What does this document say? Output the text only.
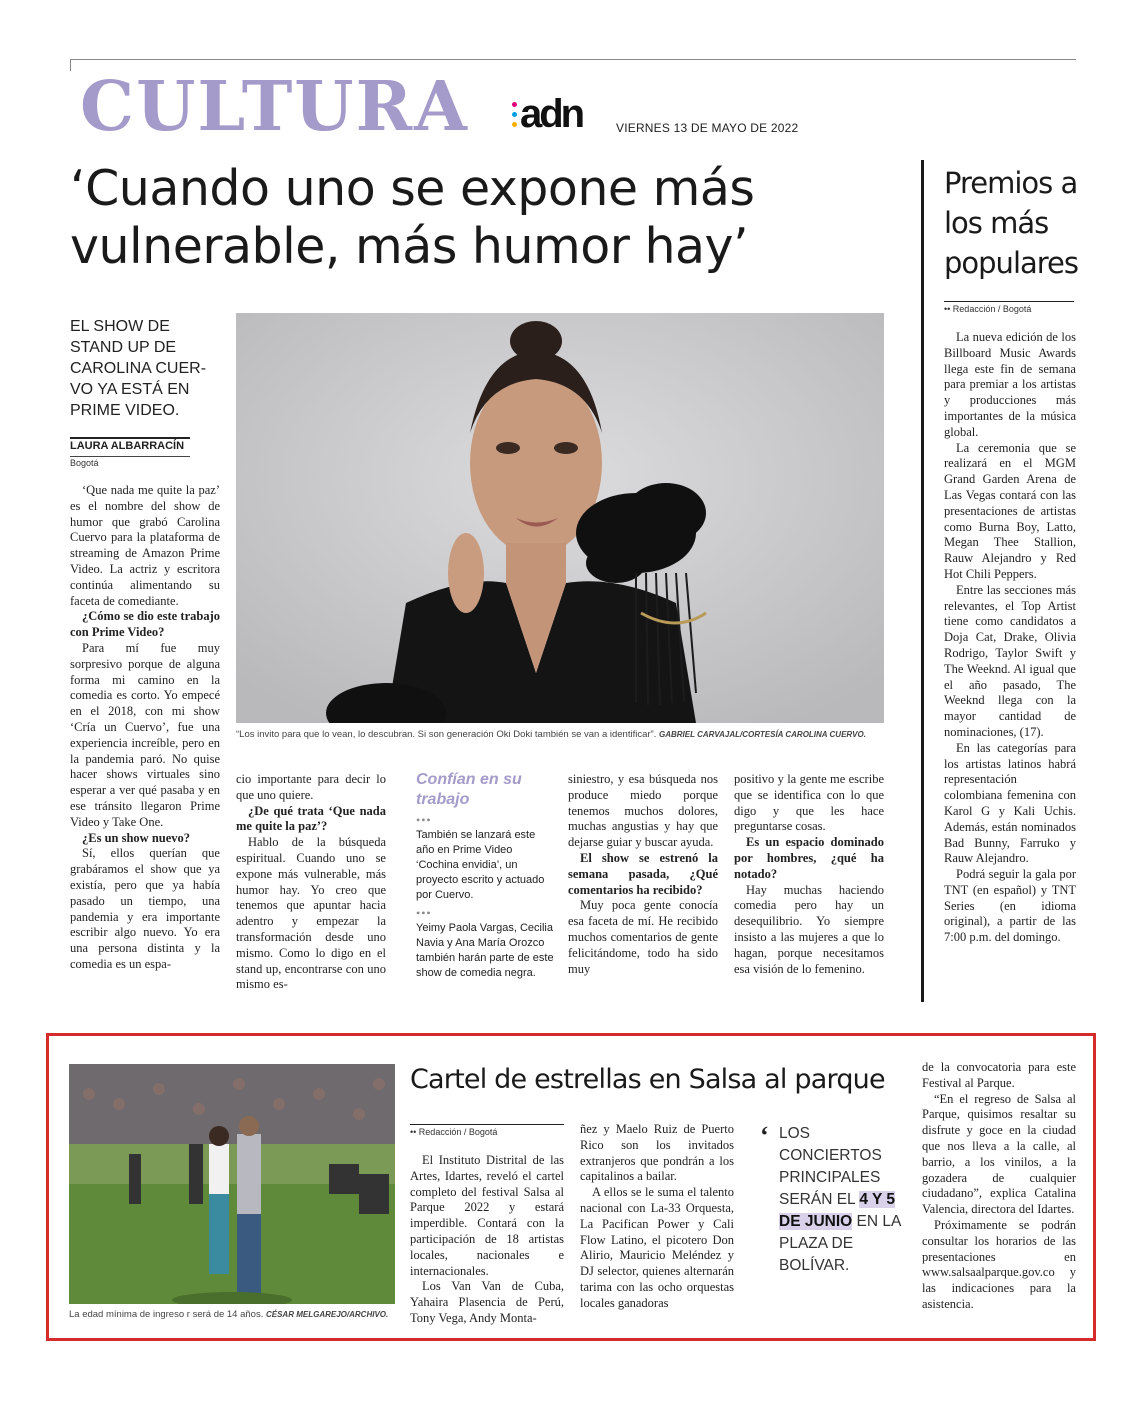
CULTURA adn	VIERNES 13 DE MAYO DE 2022
‘Cuando uno se expone más vulnerable, más humor hay’
EL SHOW DE STAND UP DE CAROLINA CUER- VO YA ESTÁ EN PRIME VIDEO.
LAURA ALBARRACÍN
Bogotá

‘Que nada me quite la paz’ es el nombre del show de humor que grabó Carolina Cuervo para la plataforma de streaming de Amazon Prime Video. La actriz y escritora continúa alimentando su faceta de comediante.

¿Cómo se dio este trabajo con Prime Video?

Para mí fue muy sorpresivo porque de alguna forma mi camino en la comedia es corto. Yo empecé en el 2018, con mi show ‘Cría un Cuervo’, fue una experiencia increíble, pero en la pandemia paró. No quise hacer shows virtuales sino esperar a ver qué pasaba y en ese tránsito llegaron Prime Video y Take One.

¿Es un show nuevo?

Sí, ellos querían que grabáramos el show que ya existía, pero que ya había pasado un tiempo, una pandemia y era importante escribir algo nuevo. Yo era una persona distinta y la comedia es un espa-

“Los invito para que lo vean, lo descubran. Si son generación Oki Doki también se van a identificar”. GABRIEL CARVAJAL/CORTESÍA CAROLINA CUERVO.

cio importante para decir lo que uno quiere.

¿De qué trata ‘Que nada me quite la paz’?

Hablo de la búsqueda espiritual. Cuando uno se expone más vulnerable, más humor hay. Yo creo que tenemos que apuntar hacia adentro y empezar la transformación desde uno mismo. Como lo digo en el stand up, encontrarse con uno mismo es-

Confían en su trabajo
•••
También se lanzará este año en Prime Video ‘Cochina envidia’, un proyecto escrito y actuado por Cuervo.
•••
Yeimy Paola Vargas, Cecilia Navia y Ana María Orozco también harán parte de este show de comedia negra.

siniestro, y esa búsqueda nos produce miedo porque tenemos muchos dolores, muchas angustias y hay que dejarse guiar y buscar ayuda.

El show se estrenó la semana pasada, ¿Qué comentarios ha recibido?

Muy poca gente conocía esa faceta de mí. He recibido muchos comentarios de gente felicitándome, todo ha sido muy

positivo y la gente me escribe que se identifica con lo que digo y que les hace preguntarse cosas.

Es un espacio dominado por hombres, ¿qué ha notado?

Hay muchas haciendo comedia pero hay un desequilibrio. Yo siempre insisto a las mujeres a que lo hagan, porque necesitamos esa visión de lo femenino.

Premios a los más populares
•• Redacción / Bogotá

La nueva edición de los Billboard Music Awards llega este fin de semana para premiar a los artistas y producciones más importantes de la música global.

La ceremonia que se realizará en el MGM Grand Garden Arena de Las Vegas contará con las presentaciones de artistas como Burna Boy, Latto, Megan Thee Stallion, Rauw Alejandro y Red Hot Chili Peppers.

Entre las secciones más relevantes, el Top Artist tiene como candidatos a Doja Cat, Drake, Olivia Rodrigo, Taylor Swift y The Weeknd. Al igual que el año pasado, The Weeknd llega con la mayor cantidad de nominaciones, (17).

En las categorías para los artistas latinos habrá representación colombiana femenina con Karol G y Kali Uchis. Además, están nominados Bad Bunny, Farruko y Rauw Alejandro.

Podrá seguir la gala por TNT (en español) y TNT Series (en idioma original), a partir de las 7:00 p.m. del domingo.

La edad mínima de ingreso r será de 14 años. CÉSAR MELGAREJO/ARCHIVO.
Cartel de estrellas en Salsa al parque
•• Redacción / Bogotá

El Instituto Distrital de las Artes, Idartes, reveló el cartel completo del festival Salsa al Parque 2022 y estará imperdible. Contará con la participación de 18 artistas locales, nacionales e internacionales.

Los Van Van de Cuba, Yahaira Plasencia de Perú, Tony Vega, Andy Monta-

ñez y Maelo Ruiz de Puerto Rico son los invitados extranjeros que pondrán a los capitalinos a bailar.

A ellos se le suma el talento nacional con La-33 Orquesta, La Pacifican Power y Cali Flow Latino, el picotero Don Alirio, Mauricio Meléndez y DJ selector, quienes alternarán tarima con las ocho orquestas locales ganadoras

‘ LOS CONCIERTOS PRINCIPALES SERÁN EL 4 Y 5 DE JUNIO EN LA PLAZA DE BOLÍVAR.

de la convocatoria para este Festival al Parque.

“En el regreso de Salsa al Parque, quisimos resaltar su disfrute y goce en la ciudad que nos lleva a la calle, al barrio, a los vinilos, a la gozadera de cualquier ciudadano”, explica Catalina Valencia, directora del Idartes.

Próximamente se podrán consultar los horarios de las presentaciones en www.salsaalparque.gov.co y las indicaciones para la asistencia.
